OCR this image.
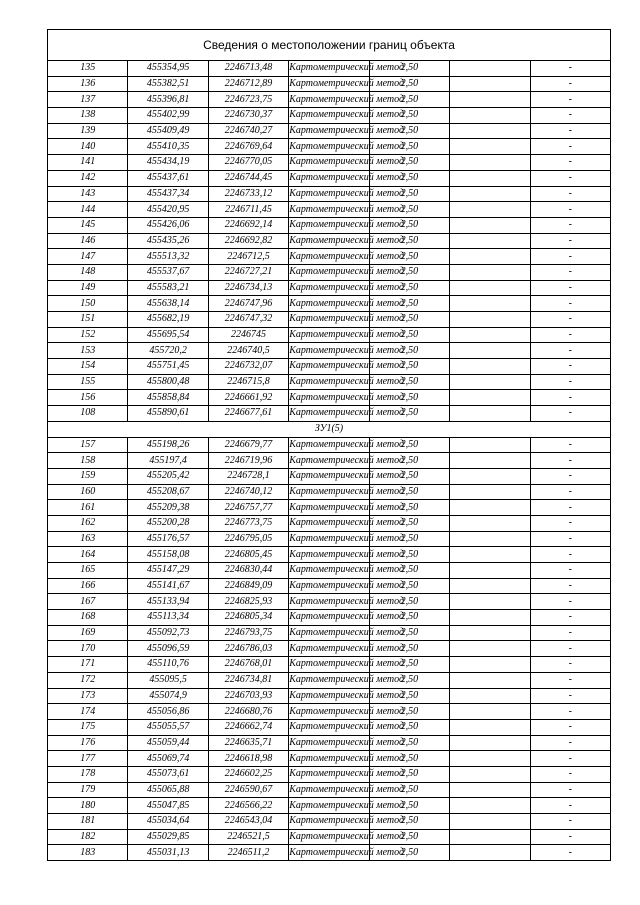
Сведения о местоположении границ объекта						
135	455354,95	2246713,48	Картометрический метод	2,50		-
136	455382,51	2246712,89	Картометрический метод	2,50		-
137	455396,81	2246723,75	Картометрический метод	2,50		-
138	455402,99	2246730,37	Картометрический метод	2,50		-
139	455409,49	2246740,27	Картометрический метод	2,50		-
140	455410,35	2246769,64	Картометрический метод	2,50		-
141	455434,19	2246770,05	Картометрический метод	2,50		-
142	455437,61	2246744,45	Картометрический метод	2,50		-
143	455437,34	2246733,12	Картометрический метод	2,50		-
144	455420,95	2246711,45	Картометрический метод	2,50		-
145	455426,06	2246692,14	Картометрический метод	2,50		-
146	455435,26	2246692,82	Картометрический метод	2,50		-
147	455513,32	2246712,5	Картометрический метод	2,50		-
148	455537,67	2246727,21	Картометрический метод	2,50		-
149	455583,21	2246734,13	Картометрический метод	2,50		-
150	455638,14	2246747,96	Картометрический метод	2,50		-
151	455682,19	2246747,32	Картометрический метод	2,50		-
152	455695,54	2246745	Картометрический метод	2,50		-
153	455720,2	2246740,5	Картометрический метод	2,50		-
154	455751,45	2246732,07	Картометрический метод	2,50		-
155	455800,48	2246715,8	Картометрический метод	2,50		-
156	455858,84	2246661,92	Картометрический метод	2,50		-
108	455890,61	2246677,61	Картометрический метод	2,50		-
ЗУ1(5)						
157	455198,26	2246679,77	Картометрический метод	2,50		-
158	455197,4	2246719,96	Картометрический метод	2,50		-
159	455205,42	2246728,1	Картометрический метод	2,50		-
160	455208,67	2246740,12	Картометрический метод	2,50		-
161	455209,38	2246757,77	Картометрический метод	2,50		-
162	455200,28	2246773,75	Картометрический метод	2,50		-
163	455176,57	2246795,05	Картометрический метод	2,50		-
164	455158,08	2246805,45	Картометрический метод	2,50		-
165	455147,29	2246830,44	Картометрический метод	2,50		-
166	455141,67	2246849,09	Картометрический метод	2,50		-
167	455133,94	2246825,93	Картометрический метод	2,50		-
168	455113,34	2246805,34	Картометрический метод	2,50		-
169	455092,73	2246793,75	Картометрический метод	2,50		-
170	455096,59	2246786,03	Картометрический метод	2,50		-
171	455110,76	2246768,01	Картометрический метод	2,50		-
172	455095,5	2246734,81	Картометрический метод	2,50		-
173	455074,9	2246703,93	Картометрический метод	2,50		-
174	455056,86	2246680,76	Картометрический метод	2,50		-
175	455055,57	2246662,74	Картометрический метод	2,50		-
176	455059,44	2246635,71	Картометрический метод	2,50		-
177	455069,74	2246618,98	Картометрический метод	2,50		-
178	455073,61	2246602,25	Картометрический метод	2,50		-
179	455065,88	2246590,67	Картометрический метод	2,50		-
180	455047,85	2246566,22	Картометрический метод	2,50		-
181	455034,64	2246543,04	Картометрический метод	2,50		-
182	455029,85	2246521,5	Картометрический метод	2,50		-
183	455031,13	2246511,2	Картометрический метод	2,50		-
